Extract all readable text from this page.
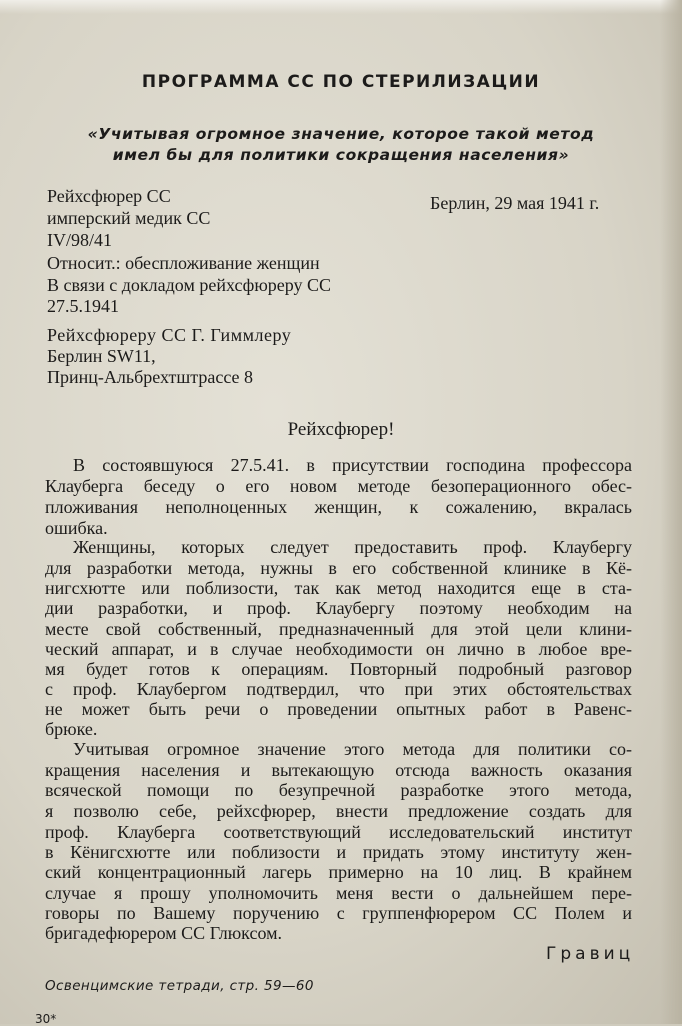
ПРОГРАММА СС ПО СТЕРИЛИЗАЦИИ
«Учитывая огромное значение, которое такой метод
имел бы для политики сокращения населения»
Рейхсфюрер СС
имперский медик СС
IV/98/41
Берлин, 29 мая 1941 г.
Относит.: обеспложивание женщин
В связи с докладом рейхсфюреру СС
27.5.1941
Рейхсфюреру СС Г. Гиммлеру
Берлин SW11,
Принц-Альбрехтштрассе 8
Рейхсфюрер!
В состоявшуюся 27.5.41. в присутствии господина профессора
Клауберга беседу о его новом методе безоперационного обес-
пложивания неполноценных женщин, к сожалению, вкралась
ошибка.
Женщины, которых следует предоставить проф. Клаубергу
для разработки метода, нужны в его собственной клинике в Кё-
нигсхютте или поблизости, так как метод находится еще в ста-
дии разработки, и проф. Клаубергу поэтому необходим на
месте свой собственный, предназначенный для этой цели клини-
ческий аппарат, и в случае необходимости он лично в любое вре-
мя будет готов к операциям. Повторный подробный разговор
с проф. Клаубергом подтвердил, что при этих обстоятельствах
не может быть речи о проведении опытных работ в Равенс-
брюке.
Учитывая огромное значение этого метода для политики со-
кращения населения и вытекающую отсюда важность оказания
всяческой помощи по безупречной разработке этого метода,
я позволю себе, рейхсфюрер, внести предложение создать для
проф. Клауберга соответствующий исследовательский институт
в Кёнигсхютте или поблизости и придать этому институту жен-
ский концентрационный лагерь примерно на 10 лиц. В крайнем
случае я прошу уполномочить меня вести о дальнейшем пере-
говоры по Вашему поручению с группенфюрером СС Полем и
бригадефюрером СС Глюксом.
Гравиц
Освенцимские тетради, стр. 59—60
30*
